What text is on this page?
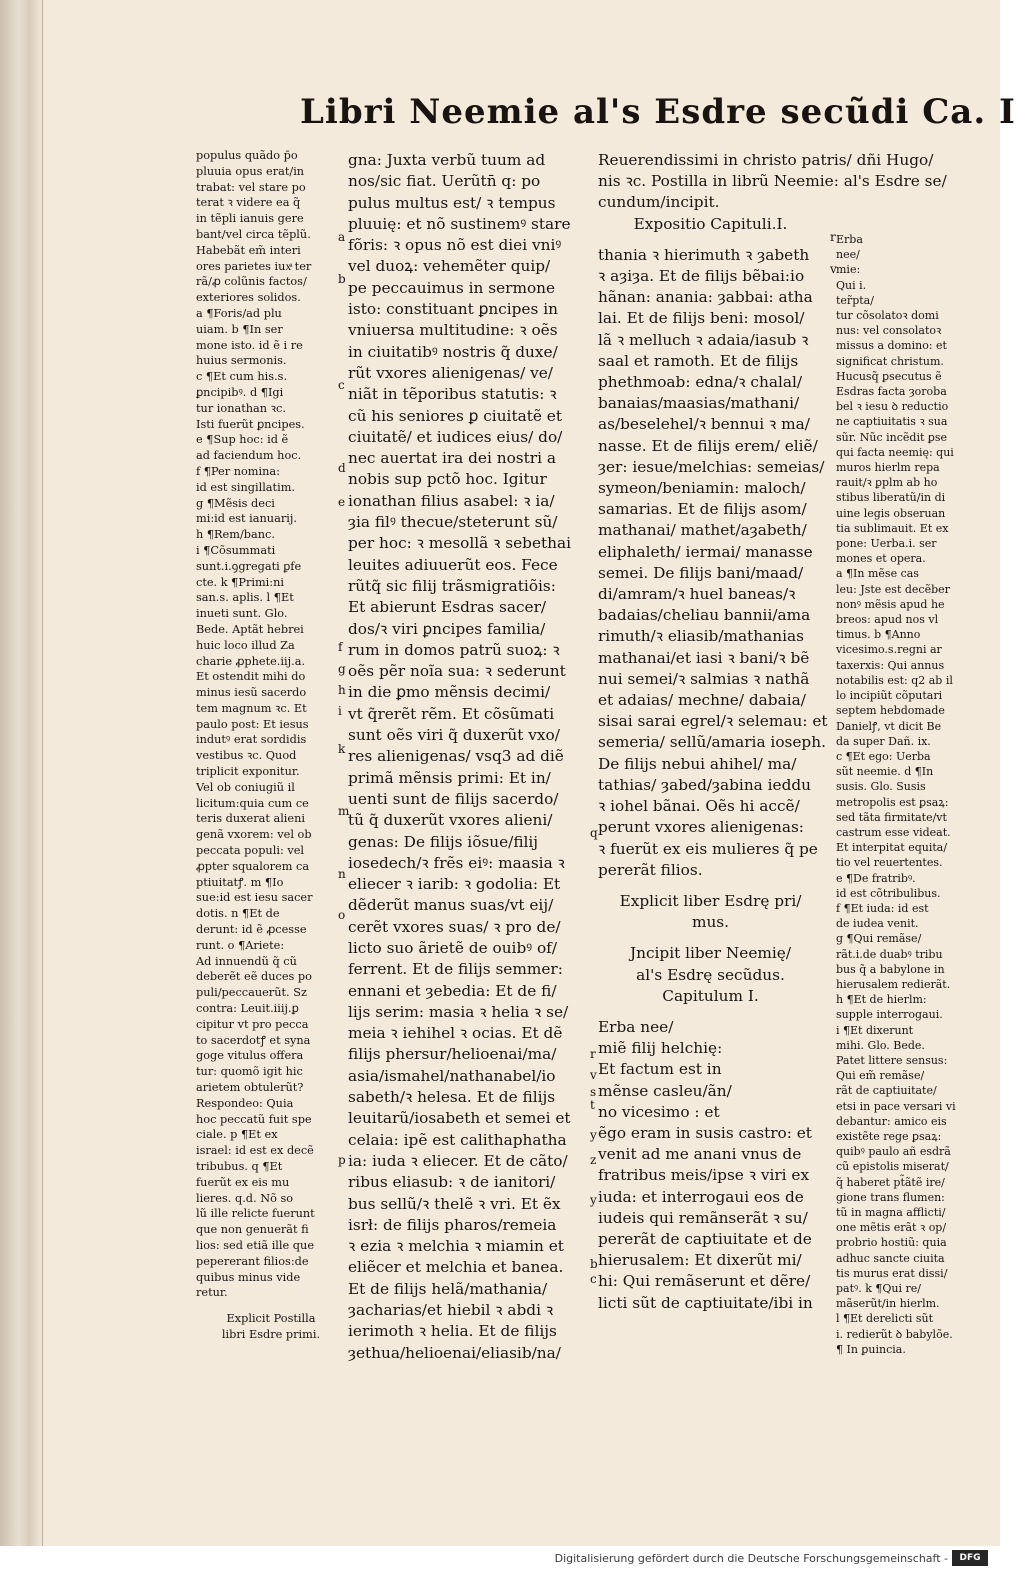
Libri Neemie al's Esdre secũdi Ca. I
populus quãdo p̄o
pluuia opus erat/in
trabat: vel stare po
terat ꝛ videre ea q̃
in tẽpli ianuis gere
bant/vel circa tẽplũ.
Habebãt em̃ interi
ores parietes iuxͣ ter
rã/ꝓ colũnis factos/
exteriores solidos.
a ¶Foris/ad plu
uiam. b ¶In ser
mone isto. id ẽ i re
huius sermonis.
c ¶Et cum his.s.
ꝑncipibꝰ. d ¶Igi
tur ionathan ꝛc.
Isti fuerũt ꝑncipes.
e ¶Sup hoc: id ẽ
ad faciendum hoc.
f ¶Per nomina:
id est singillatim.
g ¶Mẽsis deci
mi:id est ianuarij.
h ¶Rem/banc.
i ¶Cõsummati
sunt.i.ꝯgregati ꝑfe
cte. k ¶Primi:ni
san.s. aplis. l ¶Et
inueti sunt. Glo.
Bede. Aptãt hebrei
huic loco illud Za
charie ꝓphete.iij.a.
Et ostendit mihi do
minus iesũ sacerdo
tem magnum ꝛc. Et
paulo post: Et iesus
indutꝰ erat sordidis
vestibus ꝛc. Quod
triplicit exponitur.
Vel ob coniugiũ il
licitum:quia cum ce
teris duxerat alieni
genã vxorem: vel ob
peccata populi: vel
ꝓpter squalorem ca
ptiuitatꝭ. m ¶Io
sue:id est iesu sacer
dotis. n ¶Et de
derunt: id ẽ ꝓcesse
runt. o ¶Ariete:
Ad innuendũ q̃ cũ
deberẽt eẽ duces po
puli/peccauerũt. Sz
contra: Leuit.iiij.ꝑ
cipitur vt pro pecca
to sacerdotꝭ et syna
goge vitulus offera
tur: quomõ igit hic
arietem obtulerũt?
Respondeo: Quia
hoc peccatũ fuit spe
ciale. p ¶Et ex
israel: id est ex decẽ
tribubus. q ¶Et
fuerũt ex eis mu
lieres. q.d. Nõ so
lũ ille relicte fuerunt
que non genuerãt fi
lios: sed etiã ille que
pepererant filios:de
quibus minus vide
retur.
Explicit Postilla
libri Esdre primi.
gna: Juxta verbũ tuum ad
nos/sic fiat. Uerũtn̄ q: po
pulus multus est/ ꝛ tempus
pluuię: et nõ sustinemꝰ stare
fõris: ꝛ opus nõ est diei vniꝰ
vel duoꝝ: vehemẽter quip/
pe peccauimus in sermone
isto: constituant ꝑncipes in
vniuersa multitudine: ꝛ oẽs
in ciuitatibꝰ nostris q̃ duxe/
rũt vxores alienigenas/ ve/
niãt in tẽporibus statutis: ꝛ
cũ his seniores ꝑ ciuitatẽ et
ciuitatẽ/ et iudices eius/ do/
nec auertat ira dei nostri a
nobis sup pctõ hoc. Igitur
ionathan filius asabel: ꝛ ia/
ȝia filꝰ thecue/steterunt sũ/
per hoc: ꝛ mesollã ꝛ sebethai
leuites adiuuerũt eos. Fece
rũtq̃ sic filij trãsmigratiõis:
Et abierunt Esdras sacer/
dos/ꝛ viri ꝑncipes familia/
rum in domos patrũ suoꝝ: ꝛ
oẽs pẽr noĩa sua: ꝛ sederunt
in die ꝑmo mẽnsis decimi/
vt q̃rerẽt rẽm. Et cõsũmati
sunt oẽs viri q̃ duxerũt vxo/
res alienigenas/ vsq3 ad diẽ
primã mẽnsis primi: Et in/
uenti sunt de filijs sacerdo/
tũ q̃ duxerũt vxores alieni/
genas: De filijs iõsue/filij
iosedech/ꝛ frẽs eiꝰ: maasia ꝛ
eliecer ꝛ iarib: ꝛ godolia: Et
dẽderũt manus suas/vt eij/
cerẽt vxores suas/ ꝛ pro de/
licto suo ãrietẽ de ouibꝰ of/
ferrent. Et de filijs semmer:
ennani et ȝebedia: Et de fi/
lijs serim: masia ꝛ helia ꝛ se/
meia ꝛ iehihel ꝛ ocias. Et dẽ
filijs phersur/helioenai/ma/
asia/ismahel/nathanabel/io
sabeth/ꝛ helesa. Et de filijs
leuitarũ/iosabeth et semei et
celaia: ipẽ est calithaphatha
ia: iuda ꝛ eliecer. Et de cãto/
ribus eliasub: ꝛ de ianitori/
bus sellũ/ꝛ thelẽ ꝛ vri. Et ẽx
isrł: de filijs pharos/remeia
ꝛ ezia ꝛ melchia ꝛ miamin et
eliẽcer et melchia et banea.
Et de filijs helã/mathania/
ȝacharias/et hiebil ꝛ abdi ꝛ
ierimoth ꝛ helia. Et de filijs
ȝethua/helioenai/eliasib/na/
Reuerendissimi in christo patris/ dñi Hugo/
nis ꝛc. Postilla in librũ Neemie: al's Esdre se/
cundum/incipit.
Expositio Capituli.I.
thania ꝛ hierimuth ꝛ ȝabeth
ꝛ aȝiȝa. Et de filijs bẽbai:io
hãnan: anania: ȝabbai: atha
lai. Et de filijs beni: mosol/
lã ꝛ melluch ꝛ adaia/iasub ꝛ
saal et ramoth. Et de filijs
phethmoab: edna/ꝛ chalal/
banaias/maasias/mathani/
as/beselehel/ꝛ bennui ꝛ ma/
nasse. Et de filijs erem/ eliẽ/
ȝer: iesue/melchias: semeias/
symeon/beniamin: maloch/
samarias. Et de filijs asom/
mathanai/ mathet/aȝabeth/
eliphaleth/ iermai/ manasse
semei. De filijs bani/maad/
di/amram/ꝛ huel baneas/ꝛ
badaias/cheliau bannii/ama
rimuth/ꝛ eliasib/mathanias
mathanai/et iasi ꝛ bani/ꝛ bẽ
nui semei/ꝛ salmias ꝛ nathã
et adaias/ mechne/ dabaia/
sisai sarai egrel/ꝛ selemau: et
semeria/ sellũ/amaria ioseph.
De filijs nebui ahihel/ ma/
tathias/ ȝabed/ȝabina ieddu
ꝛ iohel bãnai. Oẽs hi accẽ/
perunt vxores alienigenas:
ꝛ fuerũt ex eis mulieres q̃ pe
pererãt filios.
Explicit liber Esdrę pri/
mus.
Jncipit liber Neemię/
al's Esdrę secũdus.
Capitulum I.
Erba nee/
miẽ filij helchię:
Et factum est in
mẽnse casleu/ãn/
no vicesimo : et
ẽgo eram in susis castro: et
venit ad me anani vnus de
fratribus meis/ipse ꝛ viri ex
iuda: et interrogaui eos de
iudeis qui remãnserãt ꝛ su/
pererãt de captiuitate et de
hierusalem: Et dixerũt mi/
hi: Qui remãserunt et dẽre/
licti sũt de captiuitate/ibi in
Erba
nee/
mie:
Qui i.
ter̃pta/
tur cõsolatoꝛ domi
nus: vel consolatoꝛ
missus a domino: et
significat christum.
Hucusq̃ ꝑsecutus ẽ
Esdras facta ȝoroba
bel ꝛ iesu ꝺ reductio
ne captiuitatis ꝛ sua
sũr. Nũc incẽdit ꝑse
qui facta neemię: qui
muros hierlm repa
rauit/ꝛ ꝑplm ab ho
stibus liberatũ/in di
uine legis obseruan
tia sublimauit. Et ex
pone: Uerba.i. ser
mones et opera.
a ¶In mẽse cas
leu: Jste est decẽber
nonꝰ mẽsis apud he
breos: apud nos vl
timus. b ¶Anno
vicesimo.s.regni ar
taxerxis: Qui annus
notabilis est: q2 ab il
lo incipiũt cõputari
septem hebdomade
Danielꝭ, vt dicit Be
da super Dañ. ix.
c ¶Et ego: Uerba
sũt neemie. d ¶In
susis. Glo. Susis
metropolis est ꝑsaꝝ:
sed tãta firmitate/vt
castrum esse videat.
Et interpitat equita/
tio vel reuertentes.
e ¶De fratribꝰ.
id est cõtribulibus.
f ¶Et iuda: id est
de iudea venit.
g ¶Qui remãse/
rãt.i.de duabꝰ tribu
bus q̃ a babylone in
hierusalem redierãt.
h ¶Et de hierlm:
supple interrogaui.
i ¶Et dixerunt
mihi. Glo. Bede.
Patet littere sensus:
Qui em̃ remãse/
rãt de captiuitate/
etsi in pace versari vi
debantur: amico eis
existẽte rege ꝑsaꝝ:
quibꝰ paulo añ esdrã
cũ epistolis miserat/
q̃ haberet pt̃ãtẽ ire/
gione trans flumen:
tũ in magna afflicti/
one mẽtis erãt ꝛ op/
probrio hostiũ: quia
adhuc sancte ciuita
tis murus erat dissi/
patꝰ. k ¶Qui re/
mãserũt/in hierlm.
l ¶Et derelicti sũt
i. redierũt ꝺ babylõe.
¶ In ꝑuincia.
a
b
c
d
e
f
g
h
i
k
m
n
o
p
r
v
q
r
v
s
t
y
z
y
b
c
Digitalisierung gefördert durch die Deutsche Forschungsgemeinschaft -	DFG
